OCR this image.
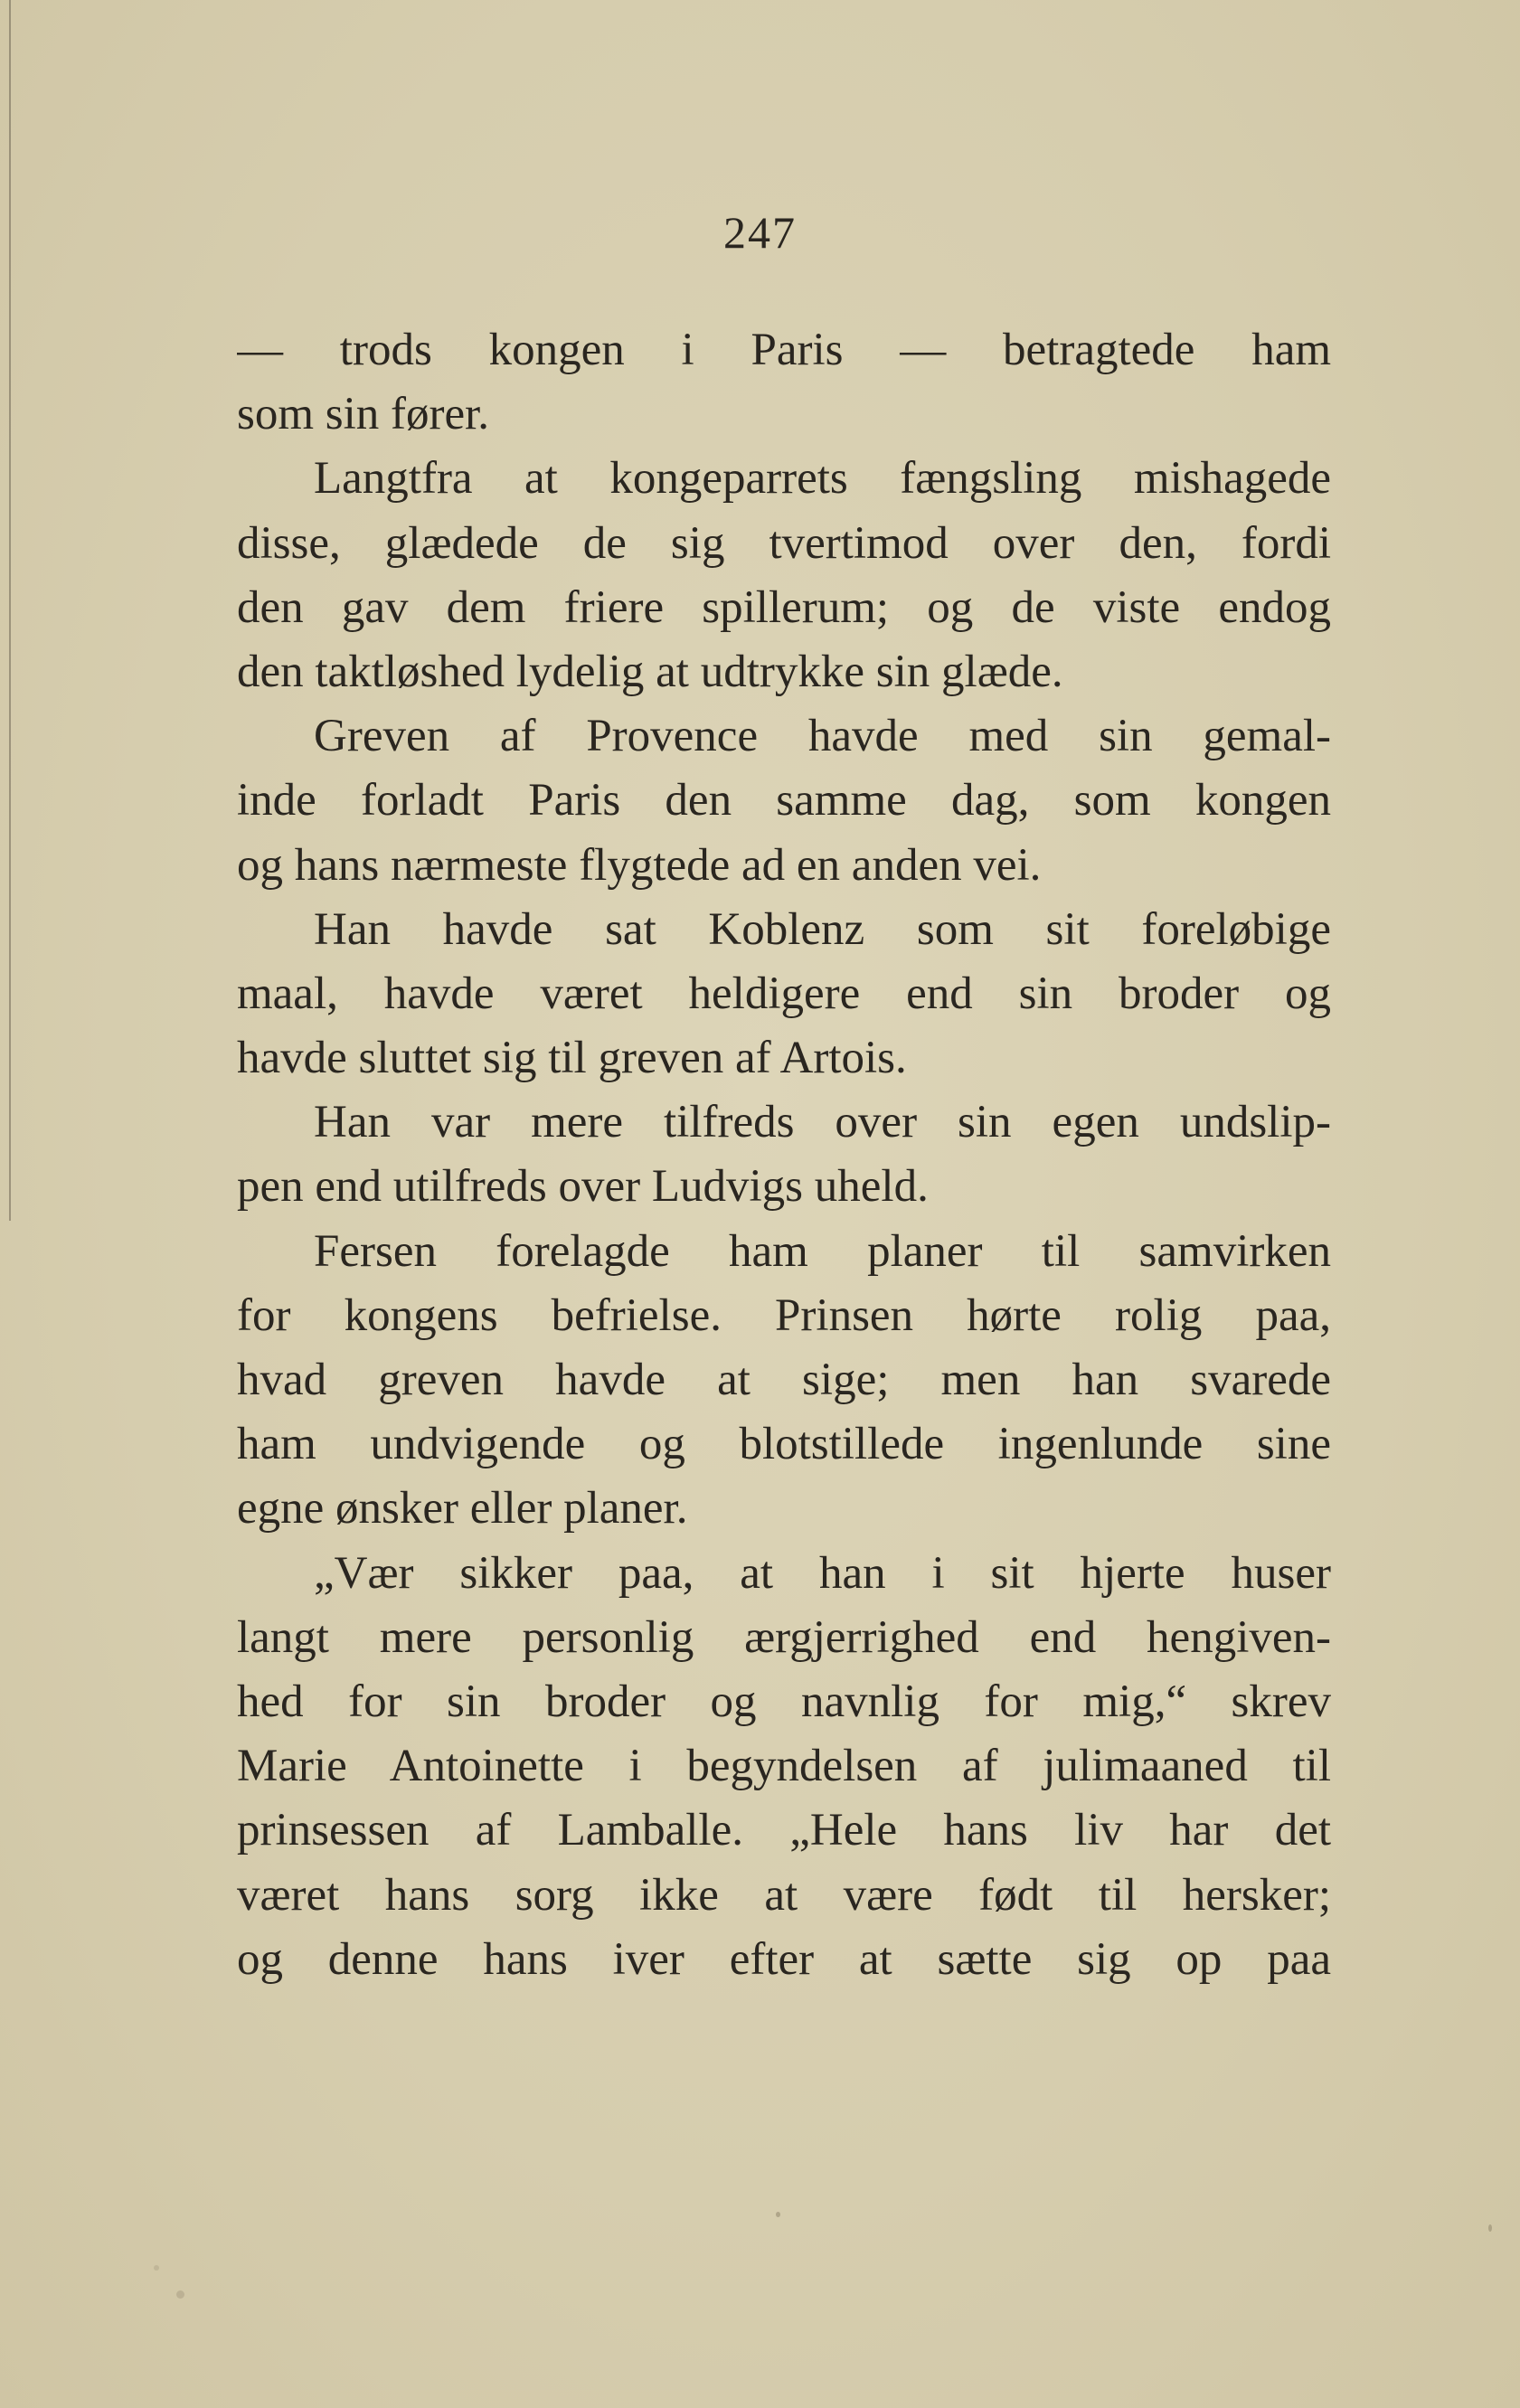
247
— trods kongen i Paris — betragtede ham
som sin fører.
Langtfra at kongeparrets fængsling mishagede
disse, glædede de sig tvertimod over den, fordi
den gav dem friere spillerum; og de viste endog
den taktløshed lydelig at udtrykke sin glæde.
Greven af Provence havde med sin gemal-
inde forladt Paris den samme dag, som kongen
og hans nærmeste flygtede ad en anden vei.
Han havde sat Koblenz som sit foreløbige
maal, havde været heldigere end sin broder og
havde sluttet sig til greven af Artois.
Han var mere tilfreds over sin egen undslip-
pen end utilfreds over Ludvigs uheld.
Fersen forelagde ham planer til samvirken
for kongens befrielse. Prinsen hørte rolig paa,
hvad greven havde at sige; men han svarede
ham undvigende og blotstillede ingenlunde sine
egne ønsker eller planer.
„Vær sikker paa, at han i sit hjerte huser
langt mere personlig ærgjerrighed end hengiven-
hed for sin broder og navnlig for mig,“ skrev
Marie Antoinette i begyndelsen af julimaaned til
prinsessen af Lamballe. „Hele hans liv har det
været hans sorg ikke at være født til hersker;
og denne hans iver efter at sætte sig op paa
